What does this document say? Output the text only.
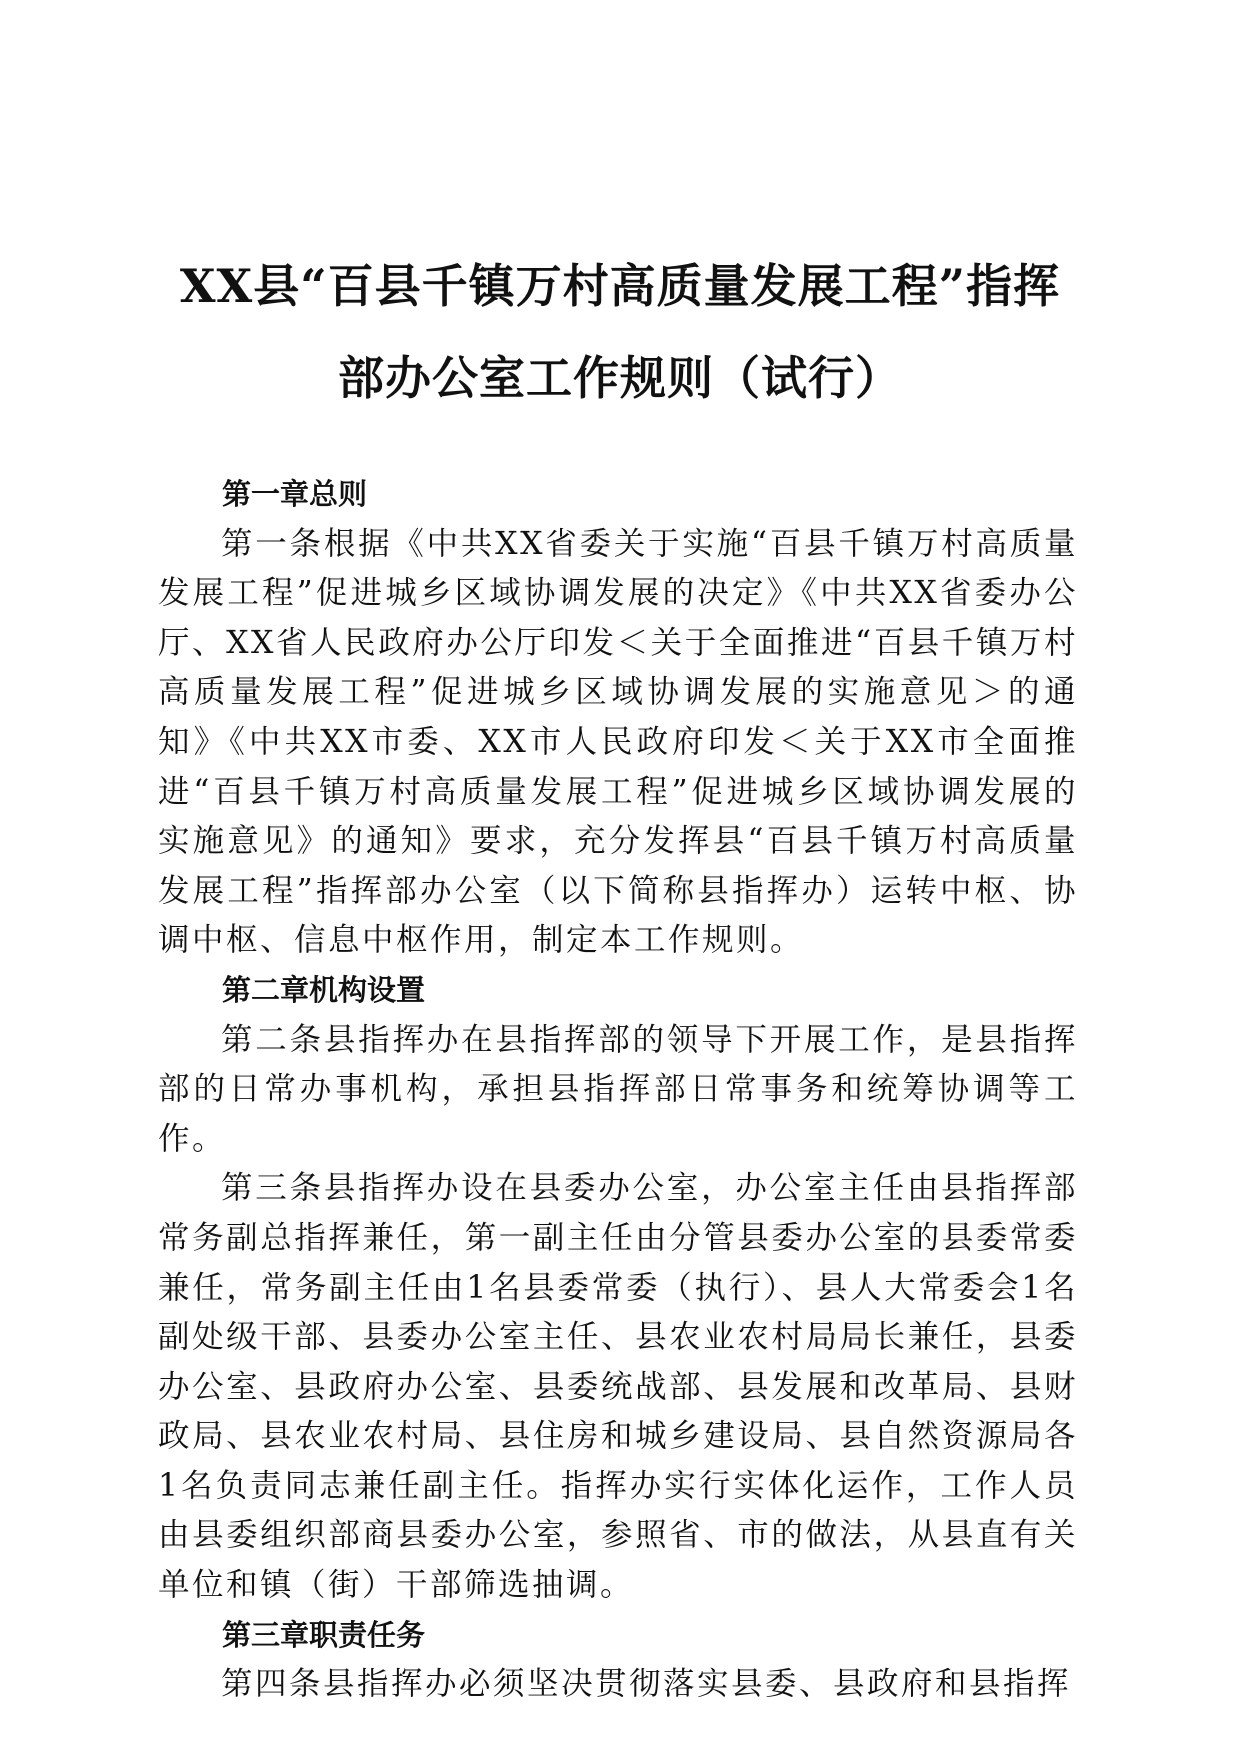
XX县“百县千镇万村高质量发展工程”指挥
部办公室工作规则（试行）
第一章总则

第一条根据《中共XX省委关于实施“百县千镇万村高质量发展工程”促进城乡区域协调发展的决定》《中共XX省委办公厅、XX省人民政府办公厅印发＜关于全面推进“百县千镇万村高质量发展工程”促进城乡区域协调发展的实施意见＞的通知》《中共XX市委、XX市人民政府印发＜关于XX市全面推进“百县千镇万村高质量发展工程”促进城乡区域协调发展的实施意见》的通知》要求，充分发挥县“百县千镇万村高质量发展工程”指挥部办公室（以下简称县指挥办）运转中枢、协调中枢、信息中枢作用，制定本工作规则。

第二章机构设置

第二条县指挥办在县指挥部的领导下开展工作，是县指挥部的日常办事机构，承担县指挥部日常事务和统筹协调等工作。

第三条县指挥办设在县委办公室，办公室主任由县指挥部常务副总指挥兼任，第一副主任由分管县委办公室的县委常委兼任，常务副主任由1名县委常委（执行）、县人大常委会1名副处级干部、县委办公室主任、县农业农村局局长兼任，县委办公室、县政府办公室、县委统战部、县发展和改革局、县财政局、县农业农村局、县住房和城乡建设局、县自然资源局各1名负责同志兼任副主任。指挥办实行实体化运作，工作人员由县委组织部商县委办公室，参照省、市的做法，从县直有关单位和镇（街）干部筛选抽调。

第三章职责任务

第四条县指挥办必须坚决贯彻落实县委、县政府和县指挥
